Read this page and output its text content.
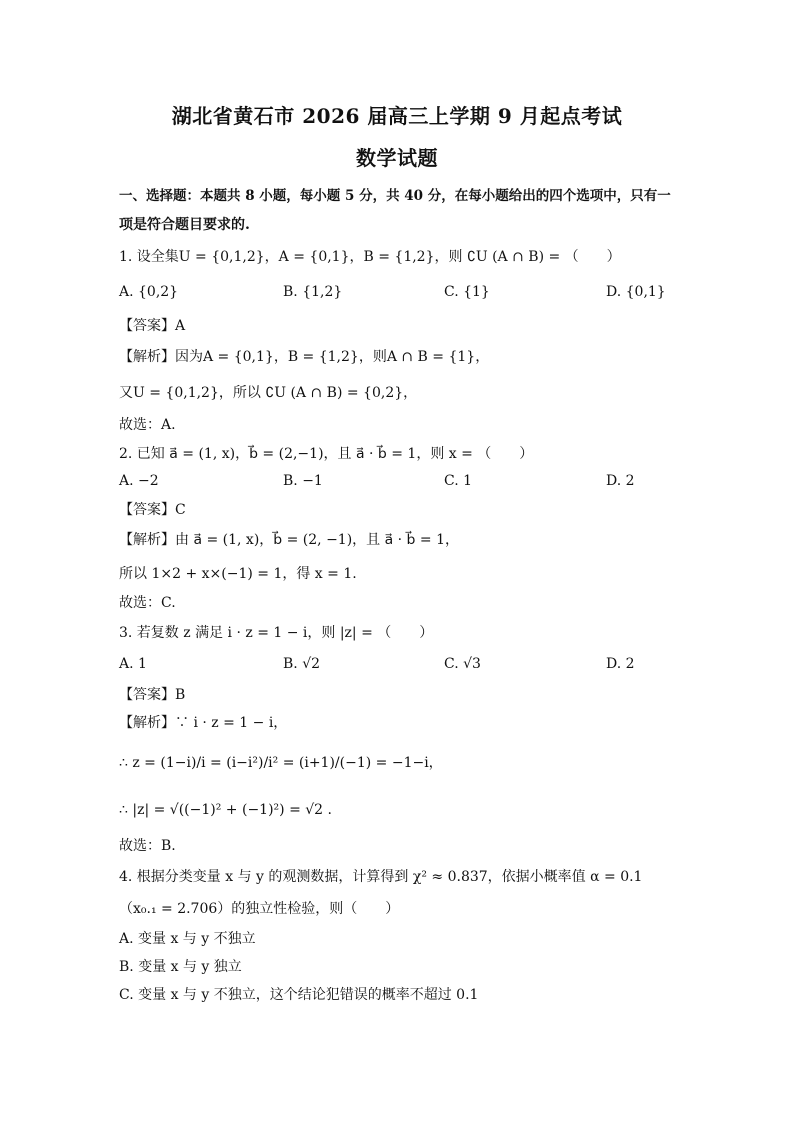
湖北省黄石市 2026 届高三上学期 9 月起点考试
数学试题
一、选择题：本题共 8 小题，每小题 5 分，共 40 分，在每小题给出的四个选项中，只有一
项是符合题目要求的.
1. 设全集U = {0,1,2}，A = {0,1}，B = {1,2}，则 ∁U (A ∩ B) = （　　）
A. {0,2}	B. {1,2}	C. {1}	D. {0,1}
【答案】A
【解析】因为A = {0,1}，B = {1,2}，则A ∩ B = {1}，
又U = {0,1,2}，所以 ∁U (A ∩ B) = {0,2}，
故选：A.
2. 已知 a⃗ = (1, x)，b⃗ = (2,−1)，且 a⃗ · b⃗ = 1，则 x = （　　）
A. −2	B. −1	C. 1	D. 2
【答案】C
【解析】由 a⃗ = (1, x)，b⃗ = (2, −1)，且 a⃗ · b⃗ = 1，
所以 1×2 + x×(−1) = 1，得 x = 1.
故选：C.
3. 若复数 z 满足 i · z = 1 − i，则 |z| = （　　）
A. 1	B. √2	C. √3	D. 2
【答案】B
【解析】∵ i · z = 1 − i，
∴ z = (1−i)/i = (i−i²)/i² = (i+1)/(−1) = −1−i，
∴ |z| = √((−1)² + (−1)²) = √2 .
故选：B.
4. 根据分类变量 x 与 y 的观测数据，计算得到 χ² ≈ 0.837，依据小概率值 α = 0.1
（x₀.₁ = 2.706）的独立性检验，则（　　）
A. 变量 x 与 y 不独立
B. 变量 x 与 y 独立
C. 变量 x 与 y 不独立，这个结论犯错误的概率不超过 0.1
